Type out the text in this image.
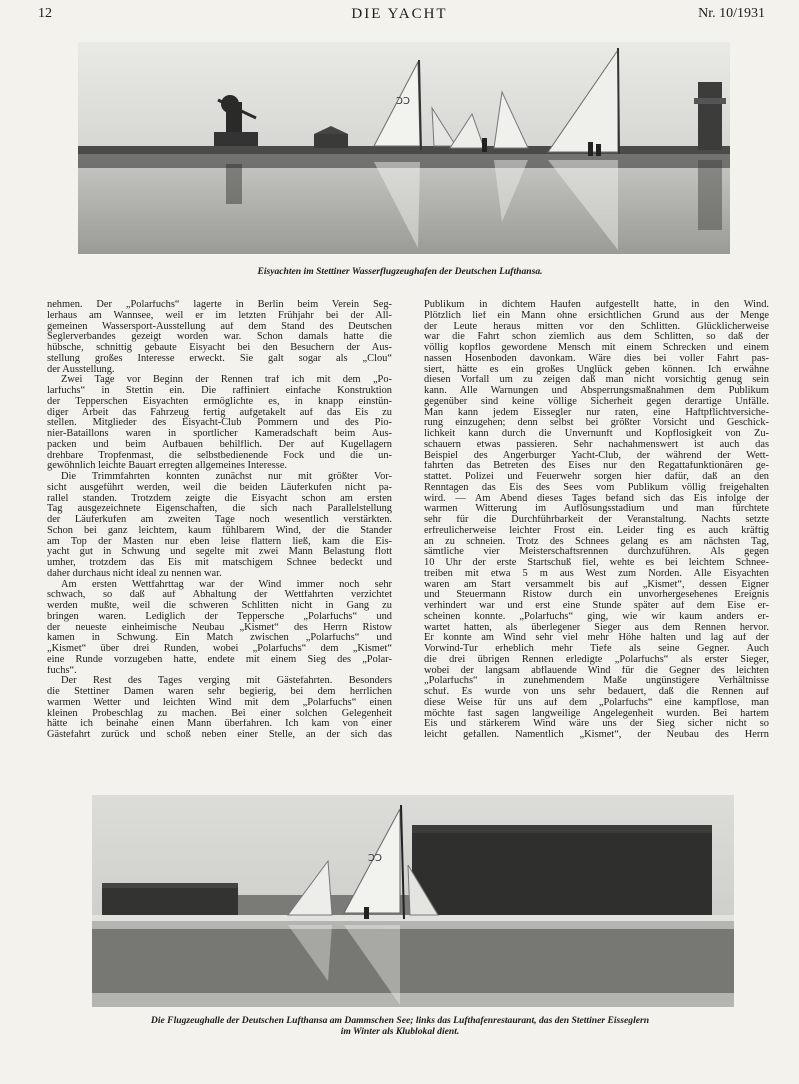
12	DIE YACHT	Nr. 10/1931
ƆƆ
Eisyachten im Stettiner Wasserflugzeughafen der Deutschen Lufthansa.

nehmen. Der „Polarfuchs“ lagerte in Berlin beim Verein Seg-

lerhaus am Wannsee, weil er im letzten Frühjahr bei der All-

gemeinen Wassersport-Ausstellung auf dem Stand des Deutschen

Seglerverbandes gezeigt worden war. Schon damals hatte die

hübsche, schnittig gebaute Eisyacht bei den Besuchern der Aus-

stellung großes Interesse erweckt. Sie galt sogar als „Clou“

der Ausstellung.

Zwei Tage vor Beginn der Rennen traf ich mit dem „Po-

larfuchs“ in Stettin ein. Die raffiniert einfache Konstruktion

der Tepperschen Eisyachten ermöglichte es, in knapp einstün-

diger Arbeit das Fahrzeug fertig aufgetakelt auf das Eis zu

stellen. Mitglieder des Eisyacht-Club Pommern und des Pio-

nier-Bataillons waren in sportlicher Kameradschaft beim Aus-

packen und beim Aufbauen behilflich. Der auf Kugellagern

drehbare Tropfenmast, die selbstbedienende Fock und die un-

gewöhnlich leichte Bauart erregten allgemeines Interesse.

Die Trimmfahrten konnten zunächst nur mit größter Vor-

sicht ausgeführt werden, weil die beiden Läuferkufen nicht pa-

rallel standen. Trotzdem zeigte die Eisyacht schon am ersten

Tag ausgezeichnete Eigenschaften, die sich nach Parallelstellung

der Läuferkufen am zweiten Tage noch wesentlich verstärkten.

Schon bei ganz leichtem, kaum fühlbarem Wind, der die Stander

am Top der Masten nur eben leise flattern ließ, kam die Eis-

yacht gut in Schwung und segelte mit zwei Mann Belastung flott

umher, trotzdem das Eis mit matschigem Schnee bedeckt und

daher durchaus nicht ideal zu nennen war.

Am ersten Wettfahrttag war der Wind immer noch sehr

schwach, so daß auf Abhaltung der Wettfahrten verzichtet

werden mußte, weil die schweren Schlitten nicht in Gang zu

bringen waren. Lediglich der Teppersche „Polarfuchs“ und

der neueste einheimische Neubau „Kismet“ des Herrn Ristow

kamen in Schwung. Ein Match zwischen „Polarfuchs“ und

„Kismet“ über drei Runden, wobei „Polarfuchs“ dem „Kismet“

eine Runde vorzugeben hatte, endete mit einem Sieg des „Polar-

fuchs“.

Der Rest des Tages verging mit Gästefahrten. Besonders

die Stettiner Damen waren sehr begierig, bei dem herrlichen

warmen Wetter und leichten Wind mit dem „Polarfuchs“ einen

kleinen Probeschlag zu machen. Bei einer solchen Gelegenheit

hätte ich beinahe einen Mann überfahren. Ich kam von einer

Gästefahrt zurück und schoß neben einer Stelle, an der sich das

Publikum in dichtem Haufen aufgestellt hatte, in den Wind.

Plötzlich lief ein Mann ohne ersichtlichen Grund aus der Menge

der Leute heraus mitten vor den Schlitten. Glücklicherweise

war die Fahrt schon ziemlich aus dem Schlitten, so daß der

völlig kopflos gewordene Mensch mit einem Schrecken und einem

nassen Hosenboden davonkam. Wäre dies bei voller Fahrt pas-

siert, hätte es ein großes Unglück geben können. Ich erwähne

diesen Vorfall um zu zeigen daß man nicht vorsichtig genug sein

kann. Alle Warnungen und Absperrungsmaßnahmen dem Publikum

gegenüber sind keine völlige Sicherheit gegen derartige Unfälle.

Man kann jedem Eissegler nur raten, eine Haftpflichtversiche-

rung einzugehen; denn selbst bei größter Vorsicht und Geschick-

lichkeit kann durch die Unvernunft und Kopflosigkeit von Zu-

schauern etwas passieren. Sehr nachahmenswert ist auch das

Beispiel des Angerburger Yacht-Club, der während der Wett-

fahrten das Betreten des Eises nur den Regattafunktionären ge-

stattet. Polizei und Feuerwehr sorgen hier dafür, daß an den

Renntagen das Eis des Sees vom Publikum völlig freigehalten

wird. — Am Abend dieses Tages befand sich das Eis infolge der

warmen Witterung im Auflösungsstadium und man fürchtete

sehr für die Durchführbarkeit der Veranstaltung. Nachts setzte

erfreulicherweise leichter Frost ein. Leider fing es auch kräftig

an zu schneien. Trotz des Schnees gelang es am nächsten Tag,

sämtliche vier Meisterschaftsrennen durchzuführen. Als gegen

10 Uhr der erste Startschuß fiel, wehte es bei leichtem Schnee-

treiben mit etwa 5 m aus West zum Norden. Alle Eisyachten

waren am Start versammelt bis auf „Kismet“, dessen Eigner

und Steuermann Ristow durch ein unvorhergesehenes Ereignis

verhindert war und erst eine Stunde später auf dem Eise er-

scheinen konnte. „Polarfuchs“ ging, wie wir kaum anders er-

wartet hatten, als überlegener Sieger aus dem Rennen hervor.

Er konnte am Wind sehr viel mehr Höhe halten und lag auf der

Vorwind-Tur erheblich mehr Tiefe als seine Gegner. Auch

die drei übrigen Rennen erledigte „Polarfuchs“ als erster Sieger,

wobei der langsam abflauende Wind für die Gegner des leichten

„Polarfuchs“ in zunehmendem Maße ungünstigere Verhältnisse

schuf. Es wurde von uns sehr bedauert, daß die Rennen auf

diese Weise für uns auf dem „Polarfuchs“ eine kampflose, man

möchte fast sagen langweilige Angelegenheit wurden. Bei hartem

Eis und stärkerem Wind wäre uns der Sieg sicher nicht so

leicht gefallen. Namentlich „Kismet“, der Neubau des Herrn

ƆƆ
Die Flugzeughalle der Deutschen Lufthansa am Dammschen See; links das Lufthafenrestaurant, das den Stettiner Eisseglern
im Winter als Klublokal dient.
